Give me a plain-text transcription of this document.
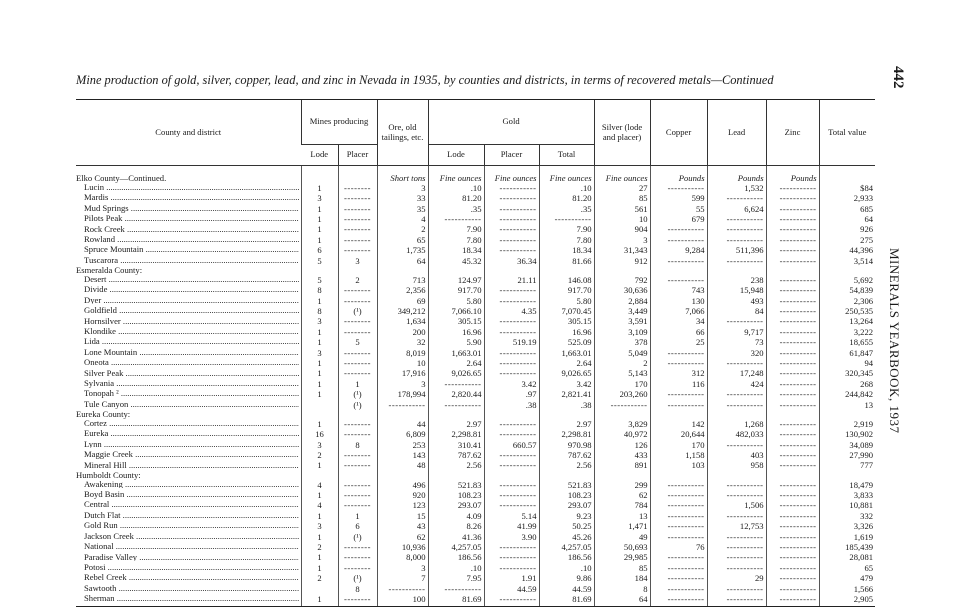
Mine production of gold, silver, copper, lead, and zinc in Nevada in 1935, by counties and districts, in terms of recovered metals—Continued	442
MINERALS YEARBOOK, 1937
County and district	Mines producing		Ore, old tailings, etc.	Gold			Silver (lode and placer)	Copper	Lead	Zinc	Total value
	Lode	Placer		Lode	Placer	Total					
Elko County—Continued.			Short tons	Fine ounces	Fine ounces	Fine ounces	Fine ounces	Pounds	Pounds	Pounds	
Lucin .....	1	--------	3	.10	-----	.10	27	-----	1,532	-----	$84
Mardis .....	3	--------	33	81.20	-----	81.20	85	599	-----	-----	2,933
Mud Springs .....	1	--------	35	.35	-----	.35	561	55	6,624	-----	685
Pilots Peak .....	1	--------	4	-----	-----	-----	10	679	-----	-----	64
Rock Creek .....	1	--------	2	7.90	-----	7.90	904	-----	-----	-----	926
Rowland .....	1	--------	65	7.80	-----	7.80	3	-----	-----	-----	275
Spruce Mountain .....	6	--------	1,735	18.34	-----	18.34	31,343	9,284	511,396	-----	44,396
Tuscarora .....	5	3	64	45.32	36.34	81.66	912	-----	-----	-----	3,514
Esmeralda County:											
Desert .....	5	2	713	124.97	21.11	146.08	792	-----	238	-----	5,692
Divide .....	8	--------	2,356	917.70	-----	917.70	30,636	743	15,948	-----	54,839
Dyer .....	1	--------	69	5.80	-----	5.80	2,884	130	493	-----	2,306
Goldfield .....	8	(¹)	349,212	7,066.10	4.35	7,070.45	3,449	7,066	84	-----	250,535
Hornsilver .....	3	--------	1,634	305.15	-----	305.15	3,591	34	-----	-----	13,264
Klondike .....	1	--------	200	16.96	-----	16.96	3,109	66	9,717	-----	3,222
Lida .....	1	5	32	5.90	519.19	525.09	378	25	73	-----	18,655
Lone Mountain .....	3	--------	8,019	1,663.01	-----	1,663.01	5,049	-----	320	-----	61,847
Oneota .....	1	--------	10	2.64	-----	2.64	2	-----	-----	-----	94
Silver Peak .....	1	--------	17,916	9,026.65	-----	9,026.65	5,143	312	17,248	-----	320,345
Sylvania .....	1	1	3	-----	3.42	3.42	170	116	424	-----	268
Tonopah ² .....	1	(¹)	178,994	2,820.44	.97	2,821.41	203,260	-----	-----	-----	244,842
Tule Canyon .....		(¹)	-----	-----	.38	.38	-----	-----	-----	-----	13
Eureka County:											
Cortez .....	1	--------	44	2.97	-----	2.97	3,829	142	1,268	-----	2,919
Eureka .....	16	--------	6,809	2,298.81	-----	2,298.81	40,972	20,644	482,033	-----	130,902
Lynn .....	3	8	253	310.41	660.57	970.98	126	170	-----	-----	34,089
Maggie Creek .....	2	--------	143	787.62	-----	787.62	433	1,158	403	-----	27,990
Mineral Hill .....	1	--------	48	2.56	-----	2.56	891	103	958	-----	777
Humboldt County:											
Awakening .....	4	--------	496	521.83	-----	521.83	299	-----	-----	-----	18,479
Boyd Basin .....	1	--------	920	108.23	-----	108.23	62	-----	-----	-----	3,833
Central .....	4	--------	123	293.07	-----	293.07	784	-----	1,506	-----	10,881
Dutch Flat .....	1	1	15	4.09	5.14	9.23	13	-----	-----	-----	332
Gold Run .....	3	6	43	8.26	41.99	50.25	1,471	-----	12,753	-----	3,326
Jackson Creek .....	1	(¹)	62	41.36	3.90	45.26	49	-----	-----	-----	1,619
National .....	2	--------	10,936	4,257.05	-----	4,257.05	50,693	76	-----	-----	185,439
Paradise Valley .....	1	--------	8,000	186.56	-----	186.56	29,985	-----	-----	-----	28,081
Potosi .....	1	--------	3	.10	-----	.10	85	-----	-----	-----	65
Rebel Creek .....	2	(¹)	7	7.95	1.91	9.86	184	-----	29	-----	479
Sawtooth .....		8	-----	-----	44.59	44.59	8	-----	-----	-----	1,566
Sherman .....	1	--------	100	81.69	-----	81.69	64	-----	-----	-----	2,905
